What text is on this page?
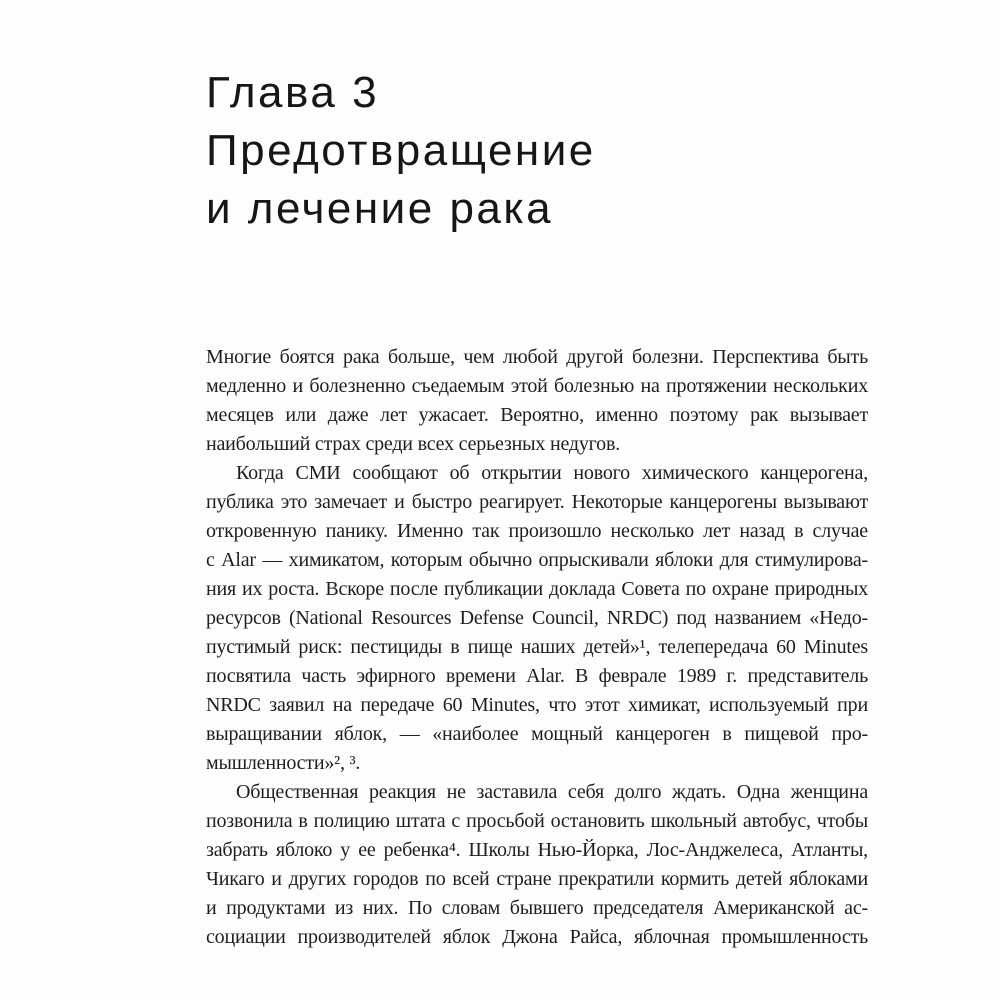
Глава 3
Предотвращение
и лечение рака
Многие боятся рака больше, чем любой другой болезни. Перспектива быть
медленно и болезненно съедаемым этой болезнью на протяжении нескольких
месяцев или даже лет ужасает. Вероятно, именно поэтому рак вызывает
наибольший страх среди всех серьезных недугов.
Когда СМИ сообщают об открытии нового химического канцерогена,
публика это замечает и быстро реагирует. Некоторые канцерогены вызывают
откровенную панику. Именно так произошло несколько лет назад в случае
с Alar — химикатом, которым обычно опрыскивали яблоки для стимулирова-
ния их роста. Вскоре после публикации доклада Совета по охране природных
ресурсов (National Resources Defense Council, NRDC) под названием «Недо-
пустимый риск: пестициды в пище наших детей»¹, телепередача 60 Minutes
посвятила часть эфирного времени Alar. В феврале 1989 г. представитель
NRDC заявил на передаче 60 Minutes, что этот химикат, используемый при
выращивании яблок, — «наиболее мощный канцероген в пищевой про-
мышленности»², ³.
Общественная реакция не заставила себя долго ждать. Одна женщина
позвонила в полицию штата с просьбой остановить школьный автобус, чтобы
забрать яблоко у ее ребенка⁴. Школы Нью-Йорка, Лос-Анджелеса, Атланты,
Чикаго и других городов по всей стране прекратили кормить детей яблоками
и продуктами из них. По словам бывшего председателя Американской ас-
социации производителей яблок Джона Райса, яблочная промышленность
